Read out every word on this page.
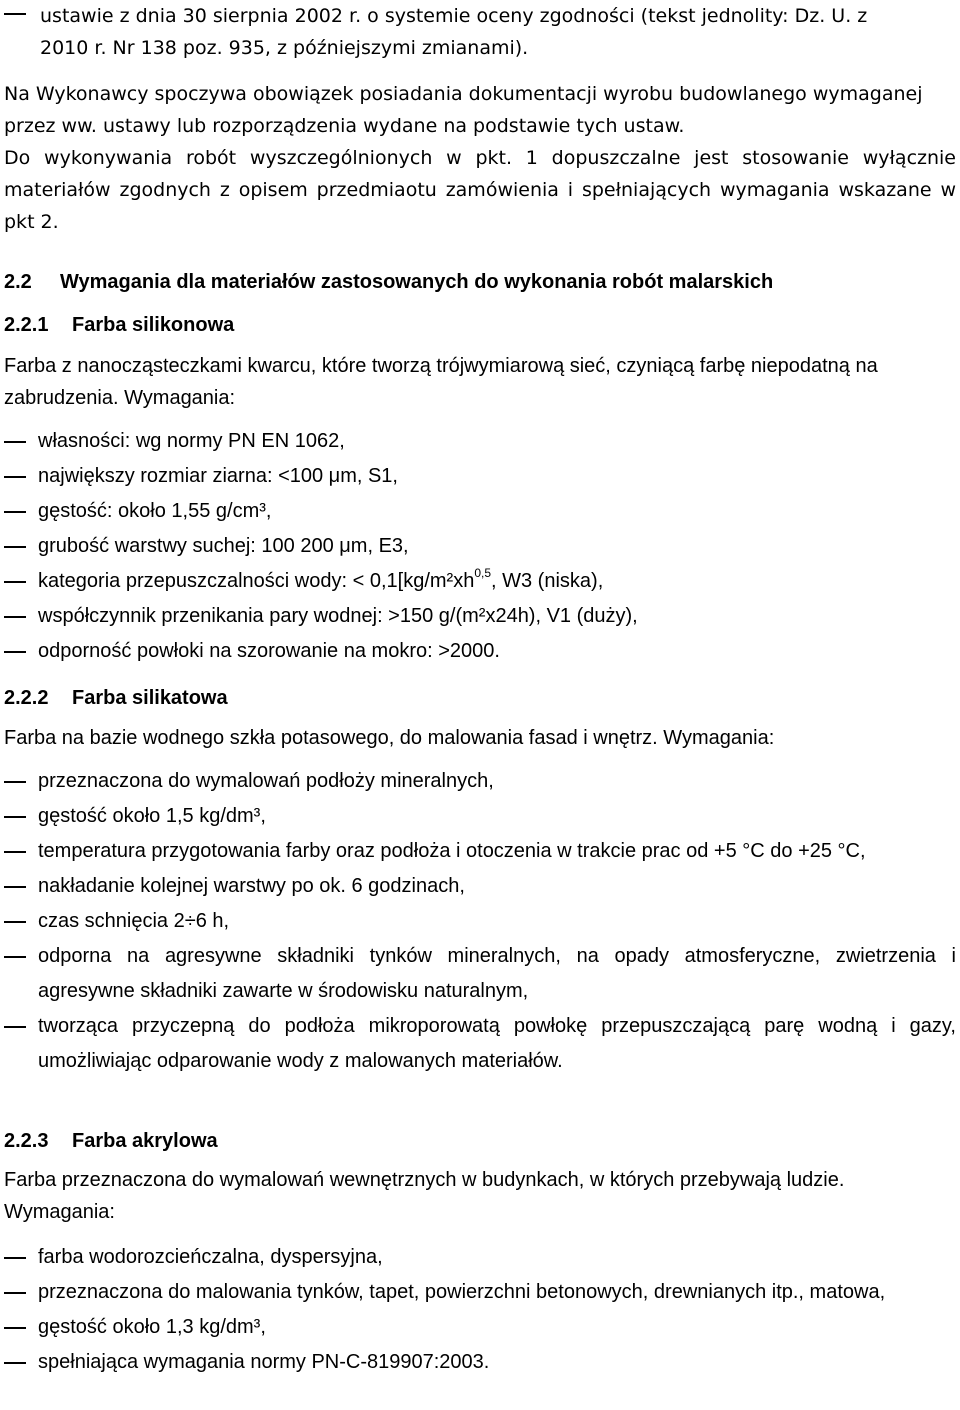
ustawie z dnia 30 sierpnia 2002 r. o systemie oceny zgodności (tekst jednolity: Dz. U. z
2010 r. Nr 138 poz. 935, z późniejszymi zmianami).
Na Wykonawcy spoczywa obowiązek posiadania dokumentacji wyrobu budowlanego wymaganej przez ww. ustawy lub rozporządzenia wydane na podstawie tych ustaw.
Do wykonywania robót wyszczególnionych w pkt. 1 dopuszczalne jest stosowanie wyłącznie materiałów zgodnych z opisem przedmiaotu zamówienia i spełniających wymagania wskazane w pkt 2.
2.2 Wymagania dla materiałów zastosowanych do wykonania robót malarskich
2.2.1 Farba silikonowa
Farba z nanocząsteczkami kwarcu, które tworzą trójwymiarową sieć, czyniącą farbę niepodatną na zabrudzenia. Wymagania:
własności: wg normy PN EN 1062,
największy rozmiar ziarna: <100 μm, S1,
gęstość: około 1,55 g/cm³,
grubość warstwy suchej: 100 200 μm, E3,
kategoria przepuszczalności wody: < 0,1[kg/m²xh$^{0,5}$, W3 (niska),
współczynnik przenikania pary wodnej: >150 g/(m²x24h), V1 (duży),
odporność powłoki na szorowanie na mokro: >2000.
2.2.2 Farba silikatowa
Farba na bazie wodnego szkła potasowego, do malowania fasad i wnętrz. Wymagania:
przeznaczona do wymalowań podłoży mineralnych,
gęstość około 1,5 kg/dm³,
temperatura przygotowania farby oraz podłoża i otoczenia w trakcie prac od +5 °C do +25 °C,
nakładanie kolejnej warstwy po ok. 6 godzinach,
czas schnięcia 2÷6 h,
odporna na agresywne składniki tynków mineralnych, na opady atmosferyczne, zwietrzenia i agresywne składniki zawarte w środowisku naturalnym,
tworząca przyczepną do podłoża mikroporowatą powłokę przepuszczającą parę wodną i gazy, umożliwiając odparowanie wody z malowanych materiałów.
2.2.3 Farba akrylowa
Farba przeznaczona do wymalowań wewnętrznych w budynkach, w których przebywają ludzie. Wymagania:
farba wodorozcieńczalna, dyspersyjna,
przeznaczona do malowania tynków, tapet, powierzchni betonowych, drewnianych itp., matowa,
gęstość około 1,3 kg/dm³,
spełniająca wymagania normy PN-C-819907:2003.
